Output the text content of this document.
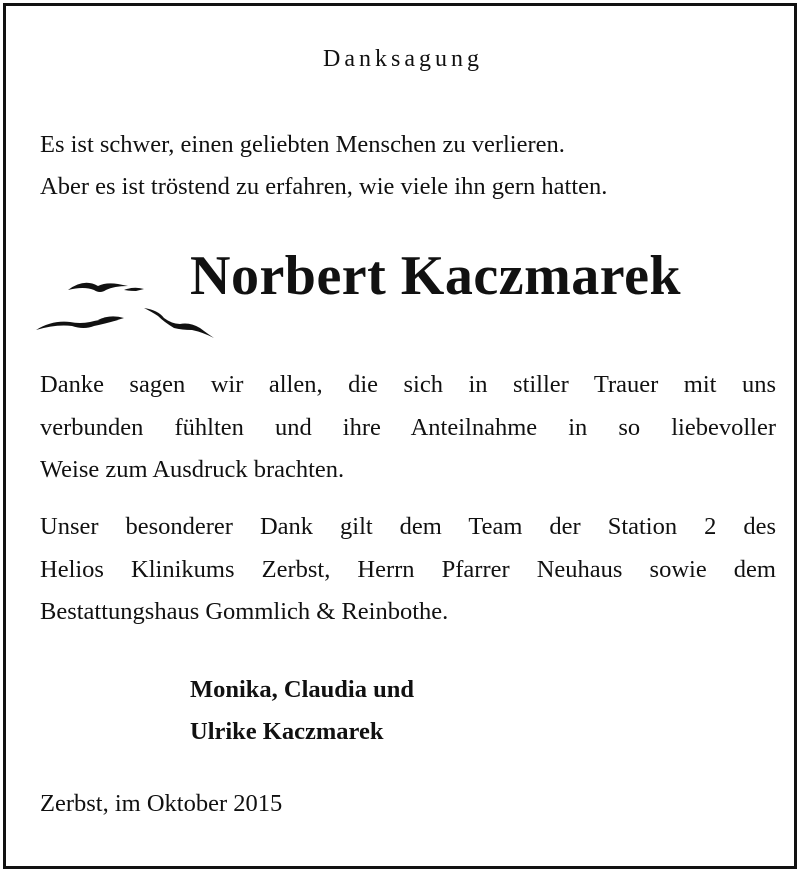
Danksagung

Es ist schwer, einen geliebten Menschen zu verlieren.
Aber es ist tröstend zu erfahren, wie viele ihn gern hatten.
Norbert Kaczmarek
Danke sagen wir allen, die sich in stiller Trauer mit uns
verbunden fühlten und ihre Anteilnahme in so liebevoller
Weise zum Ausdruck brachten.
Unser besonderer Dank gilt dem Team der Station 2 des
Helios Klinikums Zerbst, Herrn Pfarrer Neuhaus sowie dem
Bestattungshaus Gommlich & Reinbothe.
Monika, Claudia und
Ulrike Kaczmarek

Zerbst, im Oktober 2015
